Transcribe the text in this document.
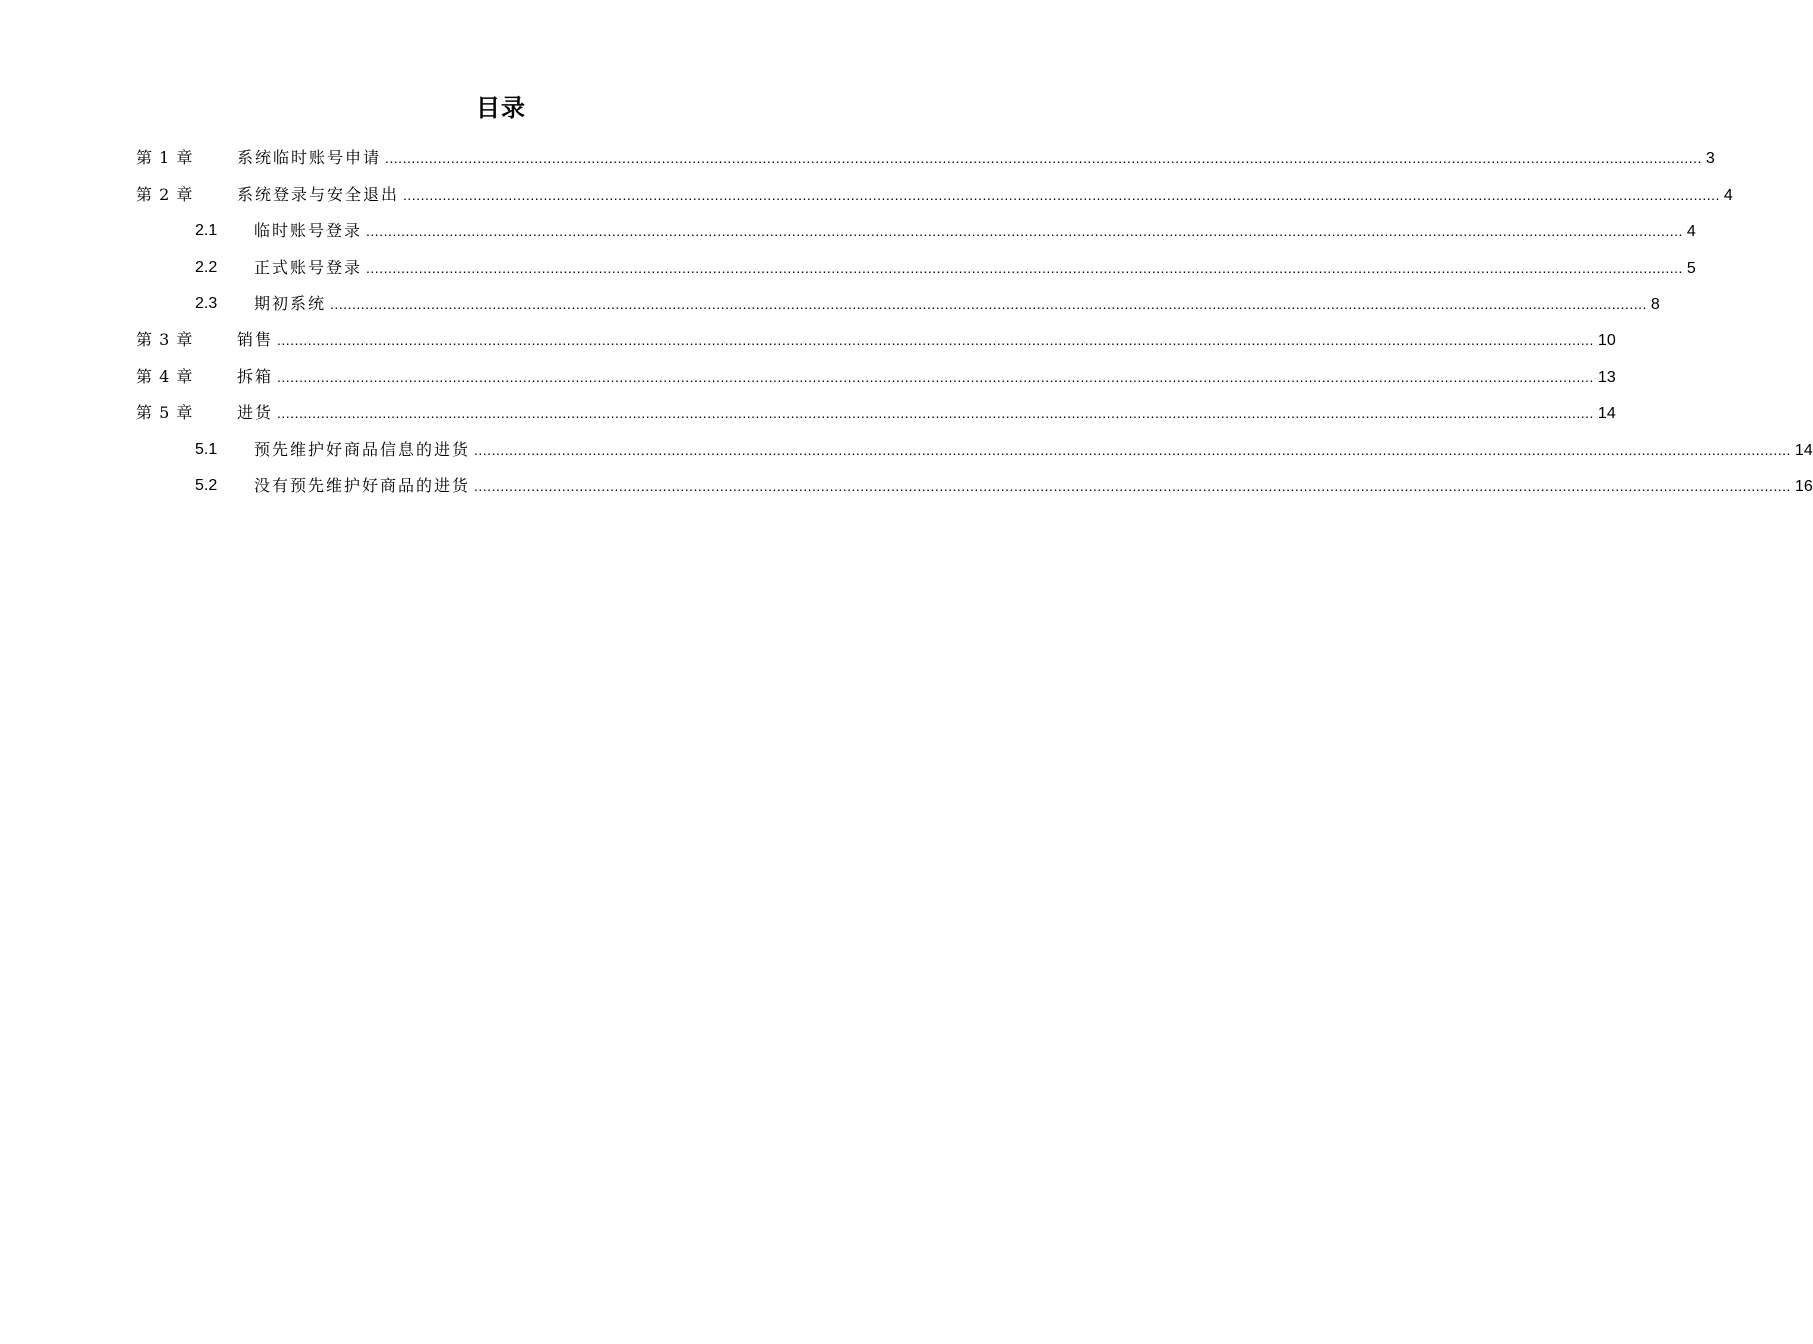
目录
第 1 章	系统临时账号申请 ............................................................................................................................................................................................................................................................................................................ 3
第 2 章	系统登录与安全退出 ............................................................................................................................................................................................................................................................................................................ 4
2.1 临时账号登录 ............................................................................................................................................................................................................................................................................................................ 4
2.2 正式账号登录 ............................................................................................................................................................................................................................................................................................................ 5
2.3 期初系统 ............................................................................................................................................................................................................................................................................................................ 8
第 3 章	销售 ............................................................................................................................................................................................................................................................................................................ 10
第 4 章	拆箱 ............................................................................................................................................................................................................................................................................................................ 13
第 5 章	进货 ............................................................................................................................................................................................................................................................................................................ 14
5.1 预先维护好商品信息的进货 ............................................................................................................................................................................................................................................................................................................ 14
5.2 没有预先维护好商品的进货 ............................................................................................................................................................................................................................................................................................................ 16
